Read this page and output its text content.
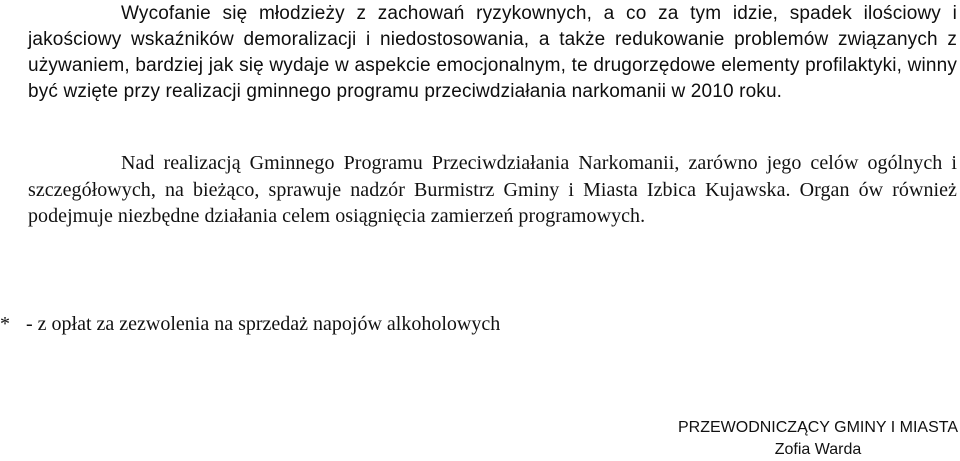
Wycofanie się młodzieży z zachowań ryzykownych, a co za tym idzie, spadek ilościowy i jakościowy wskaźników demoralizacji i niedostosowania, a także redukowanie problemów związanych z używaniem, bardziej jak się wydaje w aspekcie emocjonalnym, te drugorzędowe elementy profilaktyki, winny być wzięte przy realizacji gminnego programu przeciwdziałania narkomanii w 2010 roku.

Nad realizacją Gminnego Programu Przeciwdziałania Narkomanii, zarówno jego celów ogólnych i szczegółowych, na bieżąco, sprawuje nadzór Burmistrz Gminy i Miasta Izbica Kujawska. Organ ów również podejmuje niezbędne działania celem osiągnięcia zamierzeń programowych.

* - z opłat za zezwolenia na sprzedaż napojów alkoholowych

PRZEWODNICZĄCY GMINY I MIASTA
Zofia Warda
